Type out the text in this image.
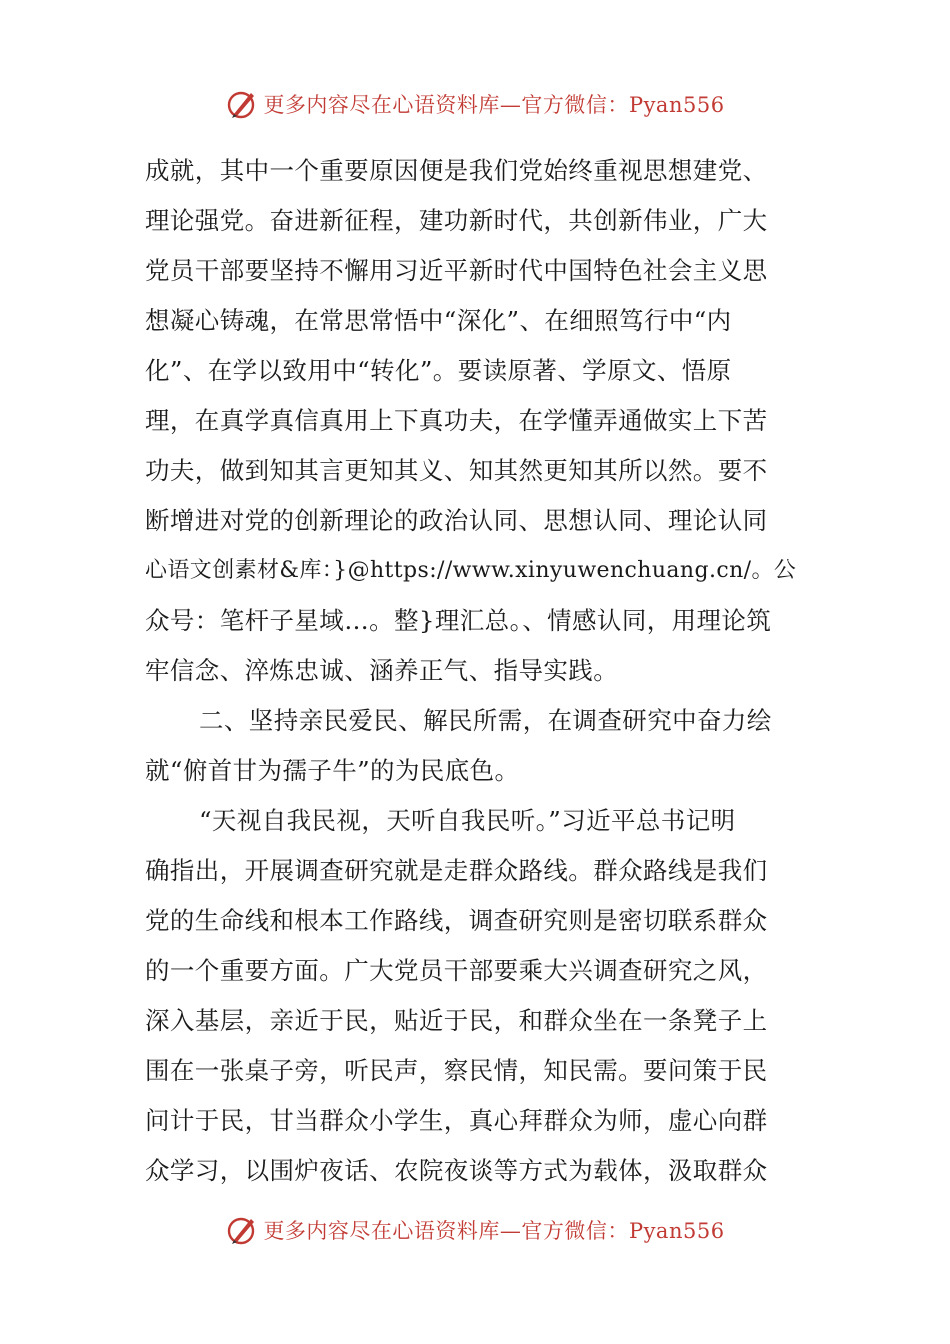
更多内容尽在心语资料库—官方微信：Pyan556
成就，其中一个重要原因便是我们党始终重视思想建党、
理论强党。奋进新征程，建功新时代，共创新伟业，广大
党员干部要坚持不懈用习近平新时代中国特色社会主义思
想凝心铸魂，在常思常悟中“深化”、在细照笃行中“内
化”、在学以致用中“转化”。要读原著、学原文、悟原
理，在真学真信真用上下真功夫，在学懂弄通做实上下苦
功夫，做到知其言更知其义、知其然更知其所以然。要不
断增进对党的创新理论的政治认同、思想认同、理论认同
心语文创素材&库：}@https://www.xinyuwenchuang.cn/。公
众号：笔杆子星域…。整}理汇总。、情感认同，用理论筑
牢信念、淬炼忠诚、涵养正气、指导实践。
二、坚持亲民爱民、解民所需，在调查研究中奋力绘
就“俯首甘为孺子牛”的为民底色。
“天视自我民视，天听自我民听。”习近平总书记明
确指出，开展调查研究就是走群众路线。群众路线是我们
党的生命线和根本工作路线，调查研究则是密切联系群众
的一个重要方面。广大党员干部要乘大兴调查研究之风，
深入基层，亲近于民，贴近于民，和群众坐在一条凳子上
围在一张桌子旁，听民声，察民情，知民需。要问策于民
问计于民，甘当群众小学生，真心拜群众为师，虚心向群
众学习，以围炉夜话、农院夜谈等方式为载体，汲取群众
更多内容尽在心语资料库—官方微信：Pyan556
